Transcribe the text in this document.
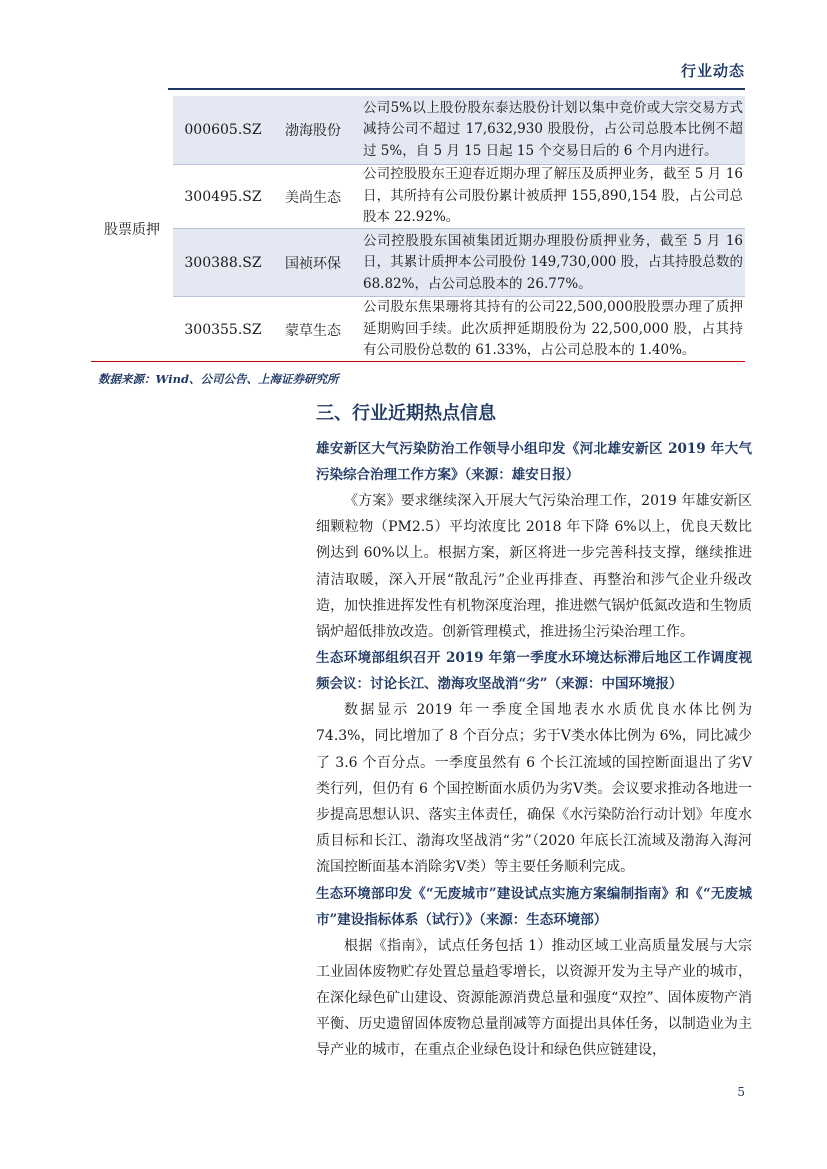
行业动态
股票质押
000605.SZ	渤海股份
公司5%以上股份股东泰达股份计划以集中竞价或大宗交易方式减持公司不超过 17,632,930 股股份，占公司总股本比例不超过 5%，自 5 月 15 日起 15 个交易日后的 6 个月内进行。
300495.SZ	美尚生态
公司控股股东王迎春近期办理了解压及质押业务，截至 5 月 16 日，其所持有公司股份累计被质押 155,890,154 股，占公司总股本 22.92%。
300388.SZ	国祯环保
公司控股股东国祯集团近期办理股份质押业务，截至 5 月 16 日，其累计质押本公司股份 149,730,000 股，占其持股总数的 68.82%，占公司总股本的 26.77%。
300355.SZ	蒙草生态
公司股东焦果珊将其持有的公司22,500,000股股票办理了质押延期购回手续。此次质押延期股份为 22,500,000 股，占其持有公司股份总数的 61.33%，占公司总股本的 1.40%。
数据来源：Wind、公司公告、上海证券研究所
三、行业近期热点信息
雄安新区大气污染防治工作领导小组印发《河北雄安新区 2019 年大气污染综合治理工作方案》（来源：雄安日报）
《方案》要求继续深入开展大气污染治理工作，2019 年雄安新区细颗粒物（PM2.5）平均浓度比 2018 年下降 6%以上，优良天数比例达到 60%以上。根据方案，新区将进一步完善科技支撑，继续推进清洁取暖，深入开展“散乱污”企业再排查、再整治和涉气企业升级改造，加快推进挥发性有机物深度治理，推进燃气锅炉低氮改造和生物质锅炉超低排放改造。创新管理模式，推进扬尘污染治理工作。
生态环境部组织召开 2019 年第一季度水环境达标滞后地区工作调度视频会议：讨论长江、渤海攻坚战消“劣”（来源：中国环境报）
数据显示 2019 年一季度全国地表水水质优良水体比例为 74.3%，同比增加了 8 个百分点；劣于Ⅴ类水体比例为 6%，同比减少了 3.6 个百分点。一季度虽然有 6 个长江流域的国控断面退出了劣Ⅴ类行列，但仍有 6 个国控断面水质仍为劣Ⅴ类。会议要求推动各地进一步提高思想认识、落实主体责任，确保《水污染防治行动计划》年度水质目标和长江、渤海攻坚战消“劣”（2020 年底长江流域及渤海入海河流国控断面基本消除劣Ⅴ类）等主要任务顺利完成。
生态环境部印发《“无废城市”建设试点实施方案编制指南》和《“无废城市”建设指标体系（试行）》（来源：生态环境部）
根据《指南》，试点任务包括 1）推动区域工业高质量发展与大宗工业固体废物贮存处置总量趋零增长，以资源开发为主导产业的城市，在深化绿色矿山建设、资源能源消费总量和强度“双控”、固体废物产消平衡、历史遗留固体废物总量削减等方面提出具体任务，以制造业为主导产业的城市，在重点企业绿色设计和绿色供应链建设，
5
